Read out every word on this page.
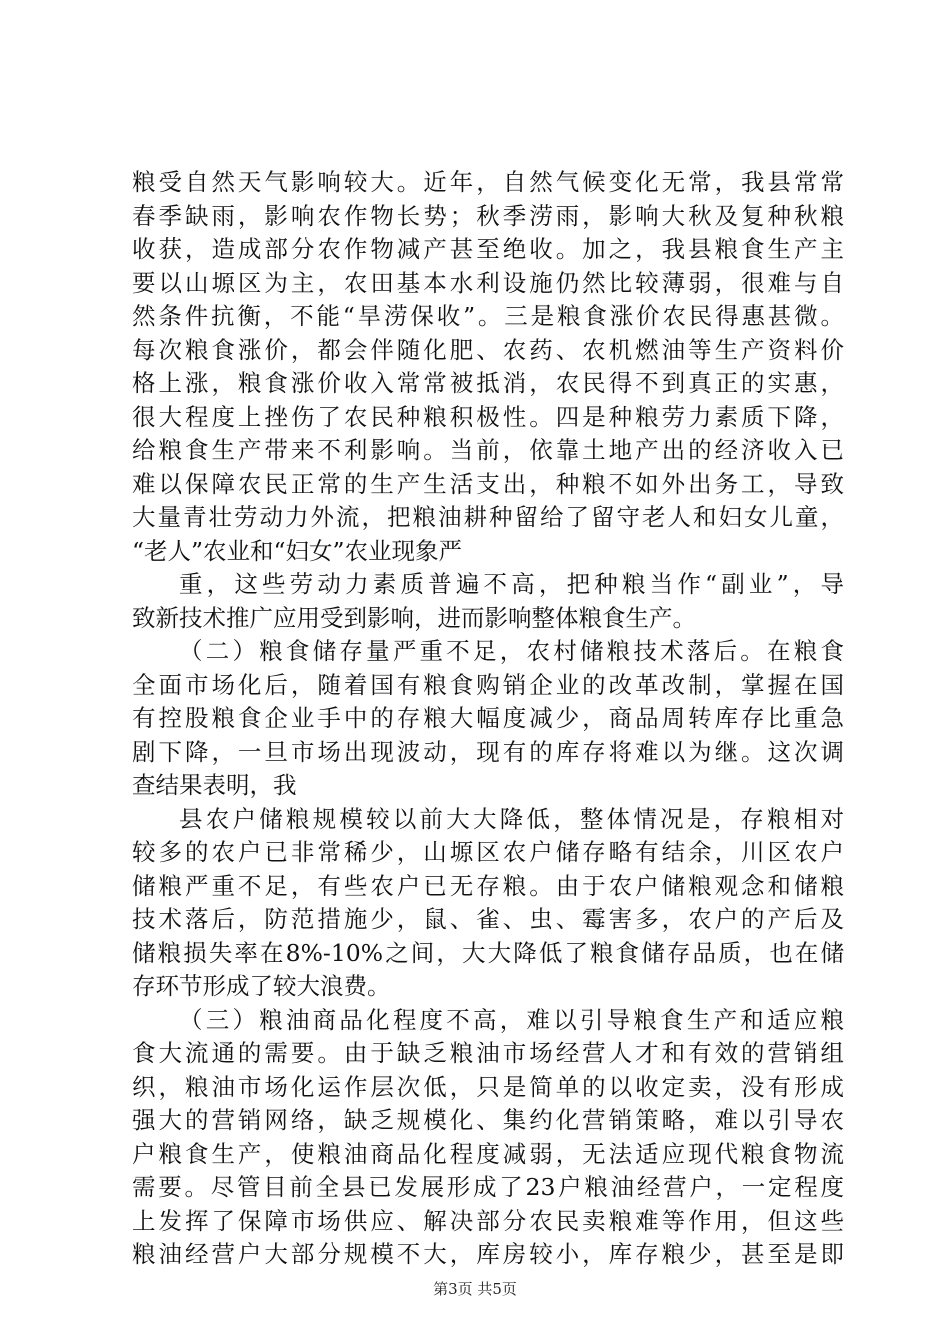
粮受自然天气影响较大。近年，自然气候变化无常，我县常常
春季缺雨，影响农作物长势；秋季涝雨，影响大秋及复种秋粮
收获，造成部分农作物减产甚至绝收。加之，我县粮食生产主
要以山塬区为主，农田基本水利设施仍然比较薄弱，很难与自
然条件抗衡，不能“旱涝保收”。三是粮食涨价农民得惠甚微。
每次粮食涨价，都会伴随化肥、农药、农机燃油等生产资料价
格上涨，粮食涨价收入常常被抵消，农民得不到真正的实惠，
很大程度上挫伤了农民种粮积极性。四是种粮劳力素质下降，
给粮食生产带来不利影响。当前，依靠土地产出的经济收入已
难以保障农民正常的生产生活支出，种粮不如外出务工，导致
大量青壮劳动力外流，把粮油耕种留给了留守老人和妇女儿童，
“老人”农业和“妇女”农业现象严
重，这些劳动力素质普遍不高，把种粮当作“副业”，导
致新技术推广应用受到影响，进而影响整体粮食生产。
（二）粮食储存量严重不足，农村储粮技术落后。在粮食
全面市场化后，随着国有粮食购销企业的改革改制，掌握在国
有控股粮食企业手中的存粮大幅度减少，商品周转库存比重急
剧下降，一旦市场出现波动，现有的库存将难以为继。这次调
查结果表明，我
县农户储粮规模较以前大大降低，整体情况是，存粮相对
较多的农户已非常稀少，山塬区农户储存略有结余，川区农户
储粮严重不足，有些农户已无存粮。由于农户储粮观念和储粮
技术落后，防范措施少，鼠、雀、虫、霉害多，农户的产后及
储粮损失率在8%-10%之间，大大降低了粮食储存品质，也在储
存环节形成了较大浪费。
（三）粮油商品化程度不高，难以引导粮食生产和适应粮
食大流通的需要。由于缺乏粮油市场经营人才和有效的营销组
织，粮油市场化运作层次低，只是简单的以收定卖，没有形成
强大的营销网络，缺乏规模化、集约化营销策略，难以引导农
户粮食生产，使粮油商品化程度减弱，无法适应现代粮食物流
需要。尽管目前全县已发展形成了23户粮油经营户，一定程度
上发挥了保障市场供应、解决部分农民卖粮难等作用，但这些
粮油经营户大部分规模不大，库房较小，库存粮少，甚至是即
第3页 共5页
